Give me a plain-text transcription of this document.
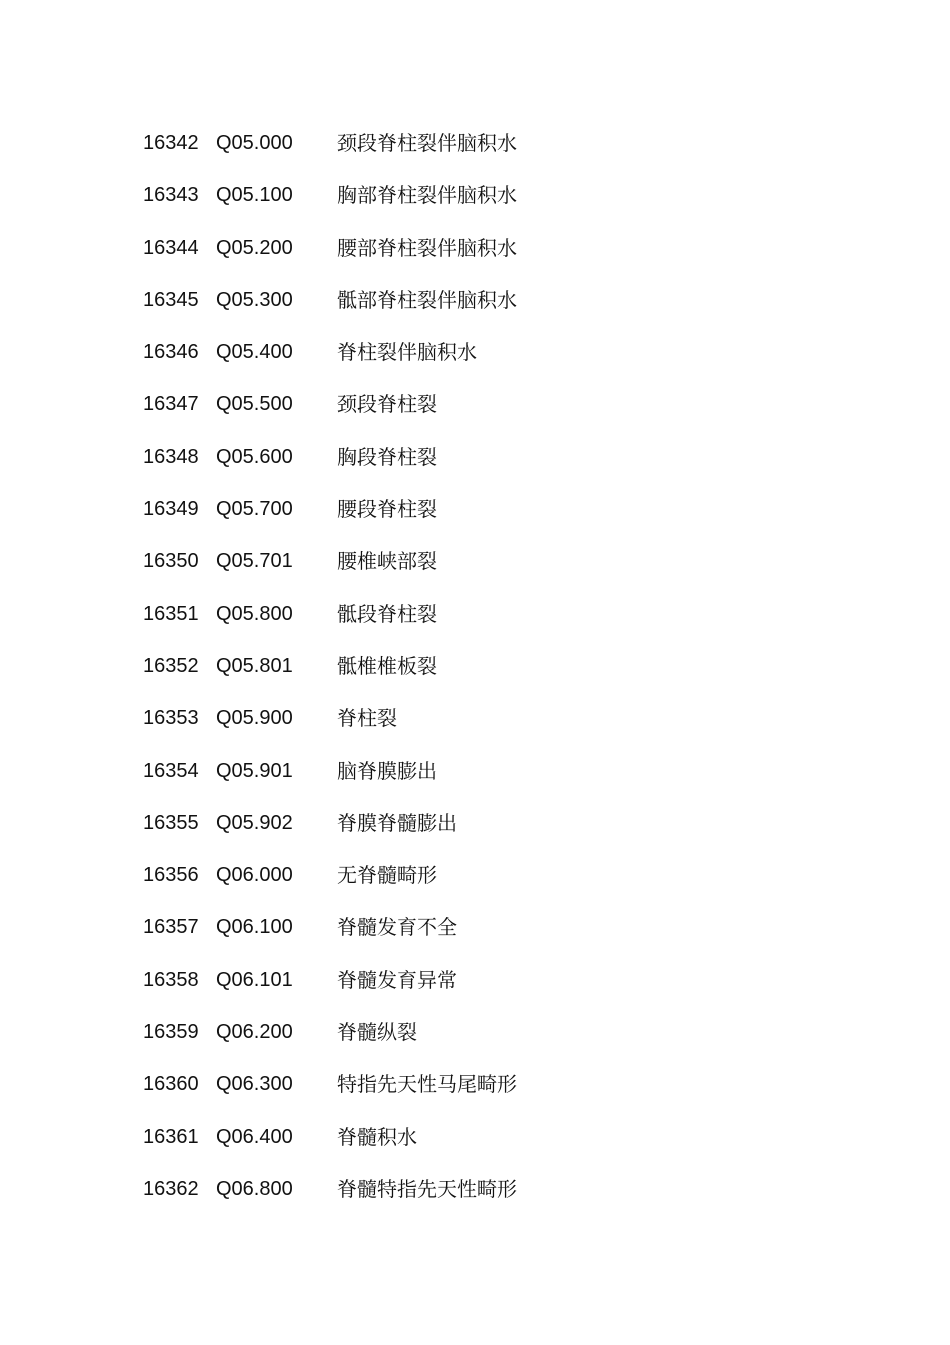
16342 Q05.000 颈段脊柱裂伴脑积水
16343 Q05.100 胸部脊柱裂伴脑积水
16344 Q05.200 腰部脊柱裂伴脑积水
16345 Q05.300 骶部脊柱裂伴脑积水
16346 Q05.400 脊柱裂伴脑积水
16347 Q05.500 颈段脊柱裂
16348 Q05.600 胸段脊柱裂
16349 Q05.700 腰段脊柱裂
16350 Q05.701 腰椎峡部裂
16351 Q05.800 骶段脊柱裂
16352 Q05.801 骶椎椎板裂
16353 Q05.900 脊柱裂
16354 Q05.901 脑脊膜膨出
16355 Q05.902 脊膜脊髓膨出
16356 Q06.000 无脊髓畸形
16357 Q06.100 脊髓发育不全
16358 Q06.101 脊髓发育异常
16359 Q06.200 脊髓纵裂
16360 Q06.300 特指先天性马尾畸形
16361 Q06.400 脊髓积水
16362 Q06.800 脊髓特指先天性畸形
